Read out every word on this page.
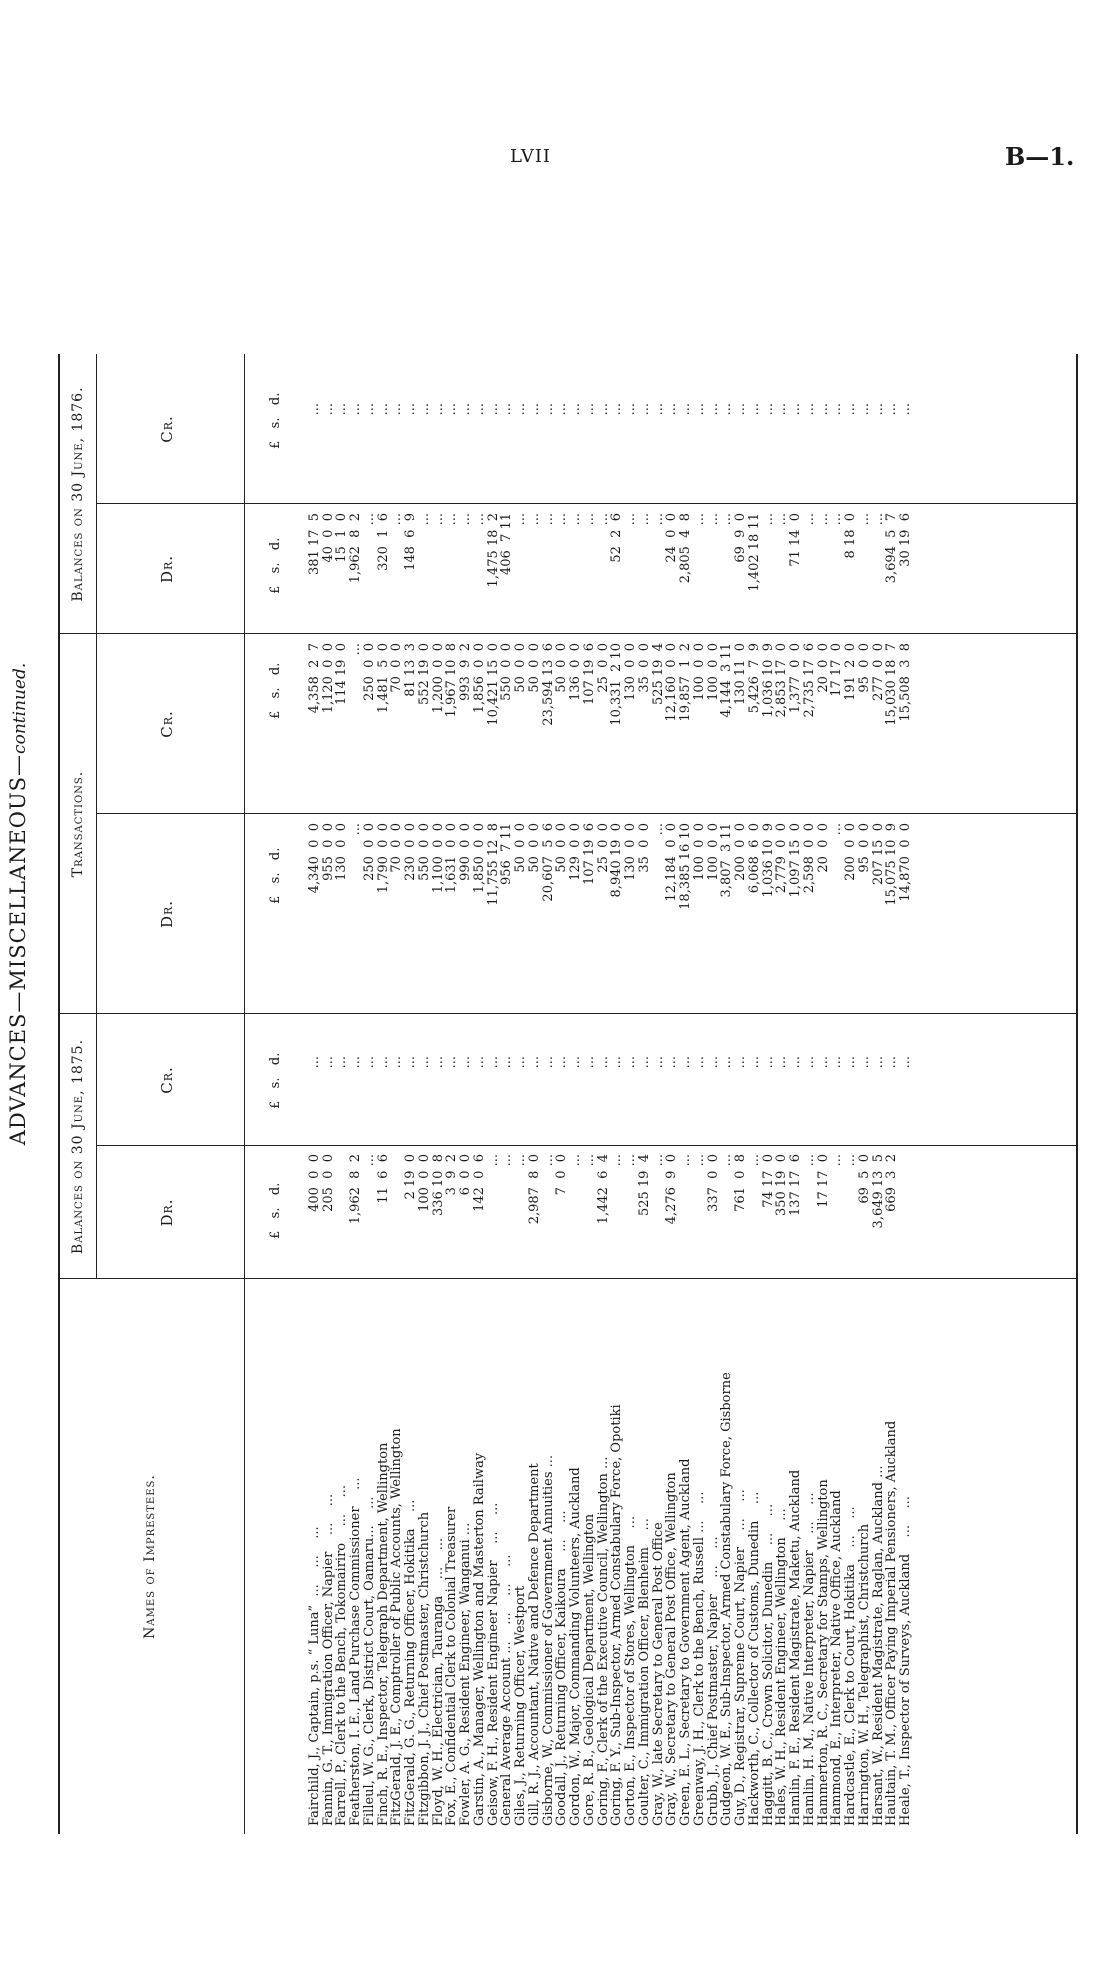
LVII	B—1.
ADVANCES—MISCELLANEOUS—continued.
Names of Imprestees.
Balances on 30 June, 1875.
Transactions.
Balances on 30 June, 1876.
Dr.
Cr.
Dr.
Cr.
Dr.
Cr.
£   s.   d.
£   s.   d.
£   s.   d.
£   s.   d.
£   s.   d.
£   s.   d.
Fairchild, J., Captain, p.s. “ Luna”  ...    ...    ...
Fannin, G. T., Immigration Officer, Napier    ...    ...
Farrell, P., Clerk to the Bench, Tokomairiro    ...    ...
Featherston, I. E., Land Purchase Commissioner    ...
Filleul, W. G., Clerk, District Court, Oamaru...    ...
Finch, R. E., Inspector, Telegraph Department, Wellington
FitzGerald, J. E., Comptroller of Public Accounts, Wellington
FitzGerald, G. G., Returning Officer, Hokitika    ...
Fitzgibbon, J. J., Chief Postmaster, Christchurch
Floyd, W. H., Electrician, Tauranga    ...    ...
Fox, E., Confidential Clerk to Colonial Treasurer
Fowler, A. G., Resident Engineer, Wanganui ...
Garstin, A., Manager, Wellington and Masterton Railway
Geisow, F. H., Resident Engineer Napier    ...    ...
General Average Account ...    ...    ...    ...
Giles, J., Returning Officer, Westport
Gill, R. J., Accountant, Native and Defence Department
Gisborne, W., Commissioner of Government Annuities ...
Goodall, J., Returning Officer, Kaikoura    ...    ...
Gordon, W., Major, Commanding Volunteers, Auckland
Gore, R. B., Geological Department, Wellington
Goring, F., Clerk of the Executive Council, Wellington ...
Goring, F. Y., Sub-Inspector, Armed Constabulary Force, Opotiki
Gorton, E., Inspector of Stores, Wellington    ...
Goulter, C., Immigration Officer, Blenheim    ...
Gray, W., late Secretary to General Post Office
Gray, W., Secretary to General Post Office, Wellington
Green, E. L., Secretary to Government Agent, Auckland
Greenway, J. H., Clerk to the Bench, Russell ...    ...
Grubb, J., Chief Postmaster, Napier    ...    ...
Gudgeon, W. E., Sub-Inspector, Armed Constabulary Force, Gisborne
Guy, D., Registrar, Supreme Court, Napier    ...    ...
Hackworth, C., Collector of Customs, Dunedin    ...
Haggitt, B. C., Crown Solicitor, Dunedin    ...    ...
Hales, W. H., Resident Engineer, Wellington    ...
Hamlin, F. E., Resident Magistrate, Maketu, Auckland
Hamlin, H. M., Native Interpreter, Napier    ...    ...
Hammerton, R. C., Secretary for Stamps, Wellington
Hammond, E., Interpreter, Native Office, Auckland
Hardcastle, E., Clerk to Court, Hokitika    ...    ...
Harrington, W. H., Telegraphist, Christchurch
Harsant, W., Resident Magistrate, Raglan, Auckland ...
Haultain, T. M., Officer Paying Imperial Pensioners, Auckland
Heale, T., Inspector of Surveys, Auckland    ...    ...

400  0  0
205  0  0
1,962  8  2
...
11  6  6
2 19  0
100  0  0
336 10  8
3  9  2
6  0  0
142  0  6
...
...
...
2,987  8  0
...
7  0  0
...
...
1,442  6  4
...
...
525 19  4
...
4,276  9  0
...
...
337  0  0
...
761  0  8
...
74 17  0
350 19  0
137 17  6
...
17 17  0
...
...
69  5  0
3,649 13  5
669  3  2

...
...
...
...
...
...
...
...
...
...
...
...
...
...
...
...
...
...
...
...
...
...
...
...
...
...
...
...
...
...
...
...
...
...
...
...
...
...
...
...
...
...
...
...

4,340  0  0
955  0  0
130  0  0
...
250  0  0
1,790  0  0
70  0  0
230  0  0
550  0  0
1,100  0  0
1,631  0  0
990  0  0
1,850  0  0
11,755 12  8
956  7 11
50  0  0
50  0  0
20,607  5  6
50  0  0
129  0  0
107 19  6
25  0  0
8,940 19  0
130  0  0
35  0  0
...
12,184  0  0
18,385 16 10
100  0  0
100  0  0
3,807  3 11
200  0  0
6,068  6  0
1,036 10  9
2,779  0  0
1,097 15  0
2,598  0  0
20  0  0
...
200  0  0
95  0  0
207 15  0
15,075 10  9
14,870  0  0

4,358  2  7
1,120  0  0
114 19  0
...
250  0  0
1,481  5  0
70  0  0
81 13  3
552 19  0
1,200  0  0
1,967 10  8
993  9  2
1,856  0  0
10,421 15  0
550  0  0
50  0  0
50  0  0
23,594 13  6
50  0  0
136  0  0
107 19  6
25  0  0
10,331  2 10
130  0  0
35  0  0
525 19  4
12,160  0  0
19,857  1  2
100  0  0
100  0  0
4,144  3 11
130 11  0
5,426  7  9
1,036 10  9
2,853 17  0
1,377  0  0
2,735 17  6
20  0  0
17 17  0
191  2  0
95  0  0
277  0  0
15,030 18  7
15,508  3  8

381 17  5
40  0  0
15  1  0
1,962  8  2
...
320  1  6
...
148  6  9
...
...
...
...
...
1,475 18  2
406  7 11
...
...
...
...
...
...
...
52  2  6
...
...
...
24  0  0
2,805  4  8
...
...
...
69  9  0
1,402 18 11
...
...
71 14  0
...
...
...
8 18  0
...
...
3,694  5  7
30 19  6

...
...
...
...
...
...
...
...
...
...
...
...
...
...
...
...
...
...
...
...
...
...
...
...
...
...
...
...
...
...
...
...
...
...
...
...
...
...
...
...
...
...
...
...
